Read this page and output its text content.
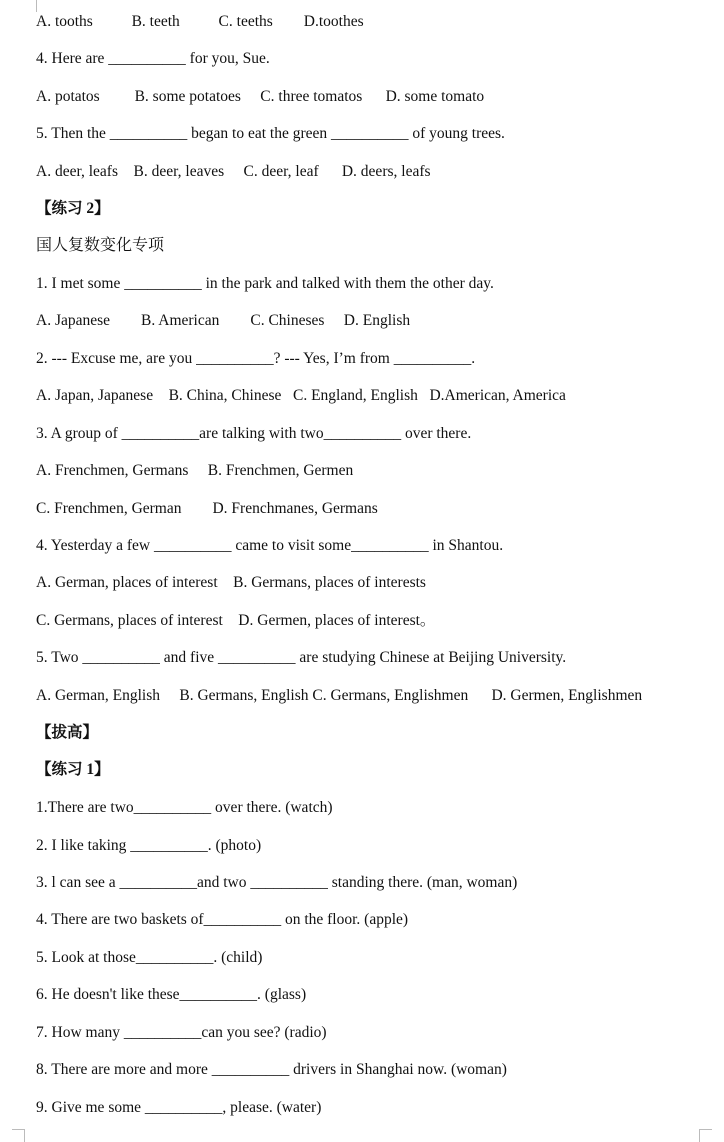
A. tooths          B. teeth          C. teeths        D.toothes
4. Here are __________ for you, Sue.
A. potatos         B. some potatoes     C. three tomatos      D. some tomato
5. Then the __________ began to eat the green __________ of young trees.
A. deer, leafs    B. deer, leaves     C. deer, leaf      D. deers, leafs
【练习 2】
国人复数变化专项
1. I met some __________ in the park and talked with them the other day.
A. Japanese        B. American        C. Chineses     D. English
2. --- Excuse me, are you __________? --- Yes, I’m from __________.
A. Japan, Japanese    B. China, Chinese   C. England, English   D.American, America
3. A group of __________are talking with two__________ over there.
A. Frenchmen, Germans     B. Frenchmen, Germen
C. Frenchmen, German        D. Frenchmanes, Germans
4. Yesterday a few __________ came to visit some__________ in Shantou.
A. German, places of interest    B. Germans, places of interests
C. Germans, places of interest    D. Germen, places of interest。
5. Two __________ and five __________ are studying Chinese at Beijing University.
A. German, English     B. Germans, English C. Germans, Englishmen      D. Germen, Englishmen
【拔高】
【练习 1】
1.There are two__________ over there. (watch)
2. I like taking __________. (photo)
3. l can see a __________and two __________ standing there. (man, woman)
4. There are two baskets of__________ on the floor. (apple)
5. Look at those__________. (child)
6. He doesn't like these__________. (glass)
7. How many __________can you see? (radio)
8. There are more and more __________ drivers in Shanghai now. (woman)
9. Give me some __________, please. (water)
